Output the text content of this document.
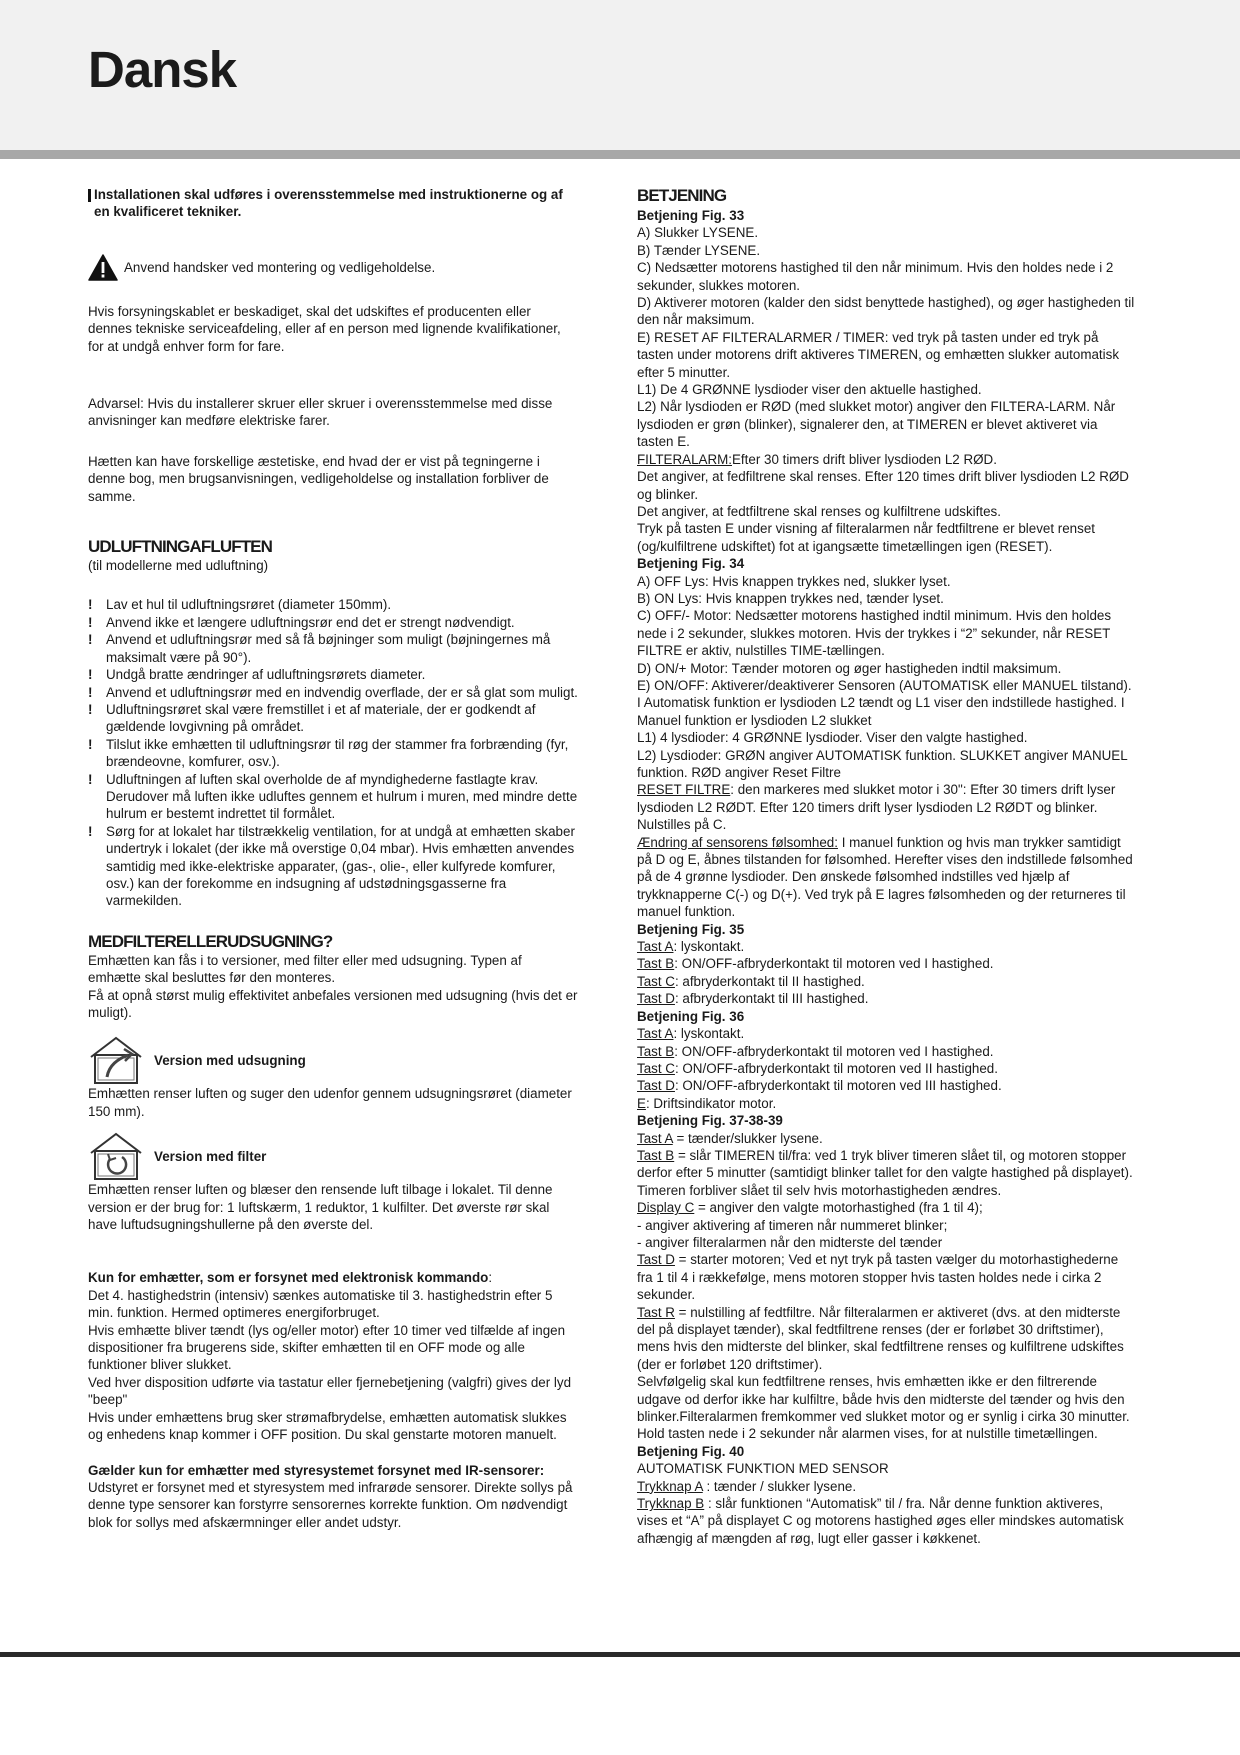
Dansk

Installationen skal udføres i overensstemmelse med instruktionerne og af en kvalificeret tekniker.

Anvend handsker ved montering og vedligeholdelse.

Hvis forsyningskablet er beskadiget, skal det udskiftes ef producenten eller dennes tekniske serviceafdeling, eller af en person med lignende kvalifikationer, for at undgå enhver form for fare.

Advarsel: Hvis du installerer skruer eller skruer i overensstemmelse med disse anvisninger kan medføre elektriske farer.

Hætten kan have forskellige æstetiske, end hvad der er vist på tegningerne i denne bog, men brugsanvisningen, vedligeholdelse og installation forbliver de samme.

UDLUFTNINGAFLUFTEN

(til modellerne med udluftning)

!	Lav et hul til udluftningsrøret (diameter 150mm).
!	Anvend ikke et længere udluftningsrør end det er strengt nødvendigt.
!	Anvend et udluftningsrør med så få bøjninger som muligt (bøjningernes må maksimalt være på 90°).
!	Undgå bratte ændringer af udluftningsrørets diameter.
!	Anvend et udluftningsrør med en indvendig overflade, der er så glat som muligt.
!	Udluftningsrøret skal være fremstillet i et af materiale, der er godkendt af gældende lovgivning på området.
!	Tilslut ikke emhætten til udluftningsrør til røg der stammer fra forbrænding (fyr, brændeovne, komfurer, osv.).
!	Udluftningen af luften skal overholde de af myndighederne fastlagte krav.
Derudover må luften ikke udluftes gennem et hulrum i muren, med mindre dette hulrum er bestemt indrettet til formålet.
!	Sørg for at lokalet har tilstrækkelig ventilation, for at undgå at emhætten skaber undertryk i lokalet (der ikke må overstige 0,04 mbar). Hvis emhætten anvendes samtidig med ikke-elektriske apparater, (gas-, olie-, eller kulfyrede komfurer, osv.) kan der forekomme en indsugning af udstødningsgasserne fra varmekilden.

MEDFILTERELLERUDSUGNING?

Emhætten kan fås i to versioner, med filter eller med udsugning. Typen af emhætte skal besluttes før den monteres.

Få at opnå størst mulig effektivitet anbefales versionen med udsugning (hvis det er muligt).

Version med udsugning

Emhætten renser luften og suger den udenfor gennem udsugningsrøret (diameter 150 mm).

Version med filter

Emhætten renser luften og blæser den rensende luft tilbage i lokalet. Til denne version er der brug for: 1 luftskærm, 1 reduktor, 1 kulfilter. Det øverste rør skal have luftudsugningshullerne på den øverste del.

Kun for emhætter, som er forsynet med elektronisk kommando:

Det 4. hastighedstrin (intensiv) sænkes automatiske til 3. hastighedstrin efter 5 min. funktion. Hermed optimeres energiforbruget.

Hvis emhætte bliver tændt (lys og/eller motor) efter 10 timer ved tilfælde af ingen dispositioner fra brugerens side, skifter emhætten til en OFF mode og alle funktioner bliver slukket.

Ved hver disposition udførte via tastatur eller fjernebetjening (valgfri) gives der lyd "beep"

Hvis under emhættens brug sker strømafbrydelse, emhætten automatisk slukkes og enhedens knap kommer i OFF position. Du skal genstarte motoren manuelt.

Gælder kun for emhætter med styresystemet forsynet med IR-sensorer: Udstyret er forsynet med et styresystem med infrarøde sensorer. Direkte sollys på denne type sensorer kan forstyrre sensorernes korrekte funktion. Om nødvendigt blok for sollys med afskærmninger eller andet udstyr.

BETJENING

Betjening Fig. 33

A) Slukker LYSENE.

B) Tænder LYSENE.

C) Nedsætter motorens hastighed til den når minimum. Hvis den holdes nede i 2 sekunder, slukkes motoren.

D) Aktiverer motoren (kalder den sidst benyttede hastighed), og øger hastigheden til den når maksimum.

E) RESET AF FILTERALARMER / TIMER: ved tryk på tasten under ed tryk på tasten under motorens drift aktiveres TIMEREN, og emhætten slukker automatisk efter 5 minutter.

L1) De 4 GRØNNE lysdioder viser den aktuelle hastighed.

L2) Når lysdioden er RØD (med slukket motor) angiver den FILTERA-LARM. Når lysdioden er grøn (blinker), signalerer den, at TIMEREN er blevet aktiveret via tasten E.

FILTERALARM:Efter 30 timers drift bliver lysdioden L2 RØD.

Det angiver, at fedfiltrene skal renses. Efter 120 times drift bliver lysdioden L2 RØD og blinker.

Det angiver, at fedtfiltrene skal renses og kulfiltrene udskiftes.

Tryk på tasten E under visning af filteralarmen når fedtfiltrene er blevet renset (og/kulfiltrene udskiftet) fot at igangsætte timetællingen igen (RESET).

Betjening Fig. 34

A) OFF Lys: Hvis knappen trykkes ned, slukker lyset.

B) ON Lys: Hvis knappen trykkes ned, tænder lyset.

C) OFF/- Motor: Nedsætter motorens hastighed indtil minimum. Hvis den holdes nede i 2 sekunder, slukkes motoren. Hvis der trykkes i “2” sekunder, når RESET FILTRE er aktiv, nulstilles TIME-tællingen.

D) ON/+ Motor: Tænder motoren og øger hastigheden indtil maksimum.

E) ON/OFF: Aktiverer/deaktiverer Sensoren (AUTOMATISK eller MANUEL tilstand). I Automatisk funktion er lysdioden L2 tændt og L1 viser den indstillede hastighed. I Manuel funktion er lysdioden L2 slukket

L1) 4 lysdioder: 4 GRØNNE lysdioder. Viser den valgte hastighed.

L2) Lysdioder: GRØN angiver AUTOMATISK funktion. SLUKKET angiver MANUEL funktion. RØD angiver Reset Filtre

RESET FILTRE: den markeres med slukket motor i 30": Efter 30 timers drift lyser lysdioden L2 RØDT. Efter 120 timers drift lyser lysdioden L2 RØDT og blinker. Nulstilles på C.

Ændring af sensorens følsomhed: I manuel funktion og hvis man trykker samtidigt på D og E, åbnes tilstanden for følsomhed. Herefter vises den indstillede følsomhed på de 4 grønne lysdioder. Den ønskede følsomhed indstilles ved hjælp af trykknapperne C(-) og D(+). Ved tryk på E lagres følsomheden og der returneres til manuel funktion.

Betjening Fig. 35

Tast A: lyskontakt.

Tast B: ON/OFF-afbryderkontakt til motoren ved I hastighed.

Tast C: afbryderkontakt til II hastighed.

Tast D: afbryderkontakt til III hastighed.

Betjening Fig. 36

Tast A: lyskontakt.

Tast B: ON/OFF-afbryderkontakt til motoren ved I hastighed.

Tast C: ON/OFF-afbryderkontakt til motoren ved II hastighed.

Tast D: ON/OFF-afbryderkontakt til motoren ved III hastighed.

E: Driftsindikator motor.

Betjening Fig. 37-38-39

Tast A = tænder/slukker lysene.

Tast B = slår TIMEREN til/fra: ved 1 tryk bliver timeren slået til, og motoren stopper derfor efter 5 minutter (samtidigt blinker tallet for den valgte hastighed på displayet). Timeren forbliver slået til selv hvis motorhastigheden ændres.

Display C = angiver den valgte motorhastighed (fra 1 til 4);

- angiver aktivering af timeren når nummeret blinker;

- angiver filteralarmen når den midterste del tænder

Tast D = starter motoren; Ved et nyt tryk på tasten vælger du motorhastighederne fra 1 til 4 i rækkefølge, mens motoren stopper hvis tasten holdes nede i cirka 2 sekunder.

Tast R = nulstilling af fedtfiltre. Når filteralarmen er aktiveret (dvs. at den midterste del på displayet tænder), skal fedtfiltrene renses (der er forløbet 30 driftstimer), mens hvis den midterste del blinker, skal fedtfiltrene renses og kulfiltrene udskiftes (der er forløbet 120 driftstimer).

Selvfølgelig skal kun fedtfiltrene renses, hvis emhætten ikke er den filtrerende udgave od derfor ikke har kulfiltre, både hvis den midterste del tænder og hvis den blinker.Filteralarmen fremkommer ved slukket motor og er synlig i cirka 30 minutter. Hold tasten nede i 2 sekunder når alarmen vises, for at nulstille timetællingen.

Betjening Fig. 40

AUTOMATISK FUNKTION MED SENSOR

Trykknap A : tænder / slukker lysene.

Trykknap B : slår funktionen “Automatisk” til / fra. Når denne funktion aktiveres, vises et “A” på displayet C og motorens hastighed øges eller mindskes automatisk afhængig af mængden af røg, lugt eller gasser i køkkenet.
